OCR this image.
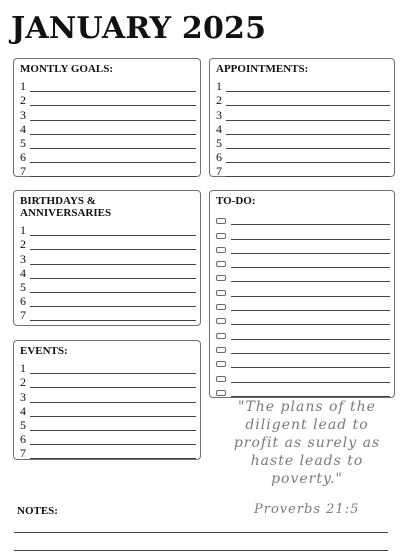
JANUARY 2025
MONTLY GOALS:
1
2
3
4
5
6
7
APPOINTMENTS:
1
2
3
4
5
6
7
BIRTHDAYS &
ANNIVERSARIES
1
2
3
4
5
6
7
TO-DO:
EVENTS:
1
2
3
4
5
6
7
"The plans of the diligent lead to profit as surely as haste leads to poverty."
Proverbs 21:5
NOTES:
